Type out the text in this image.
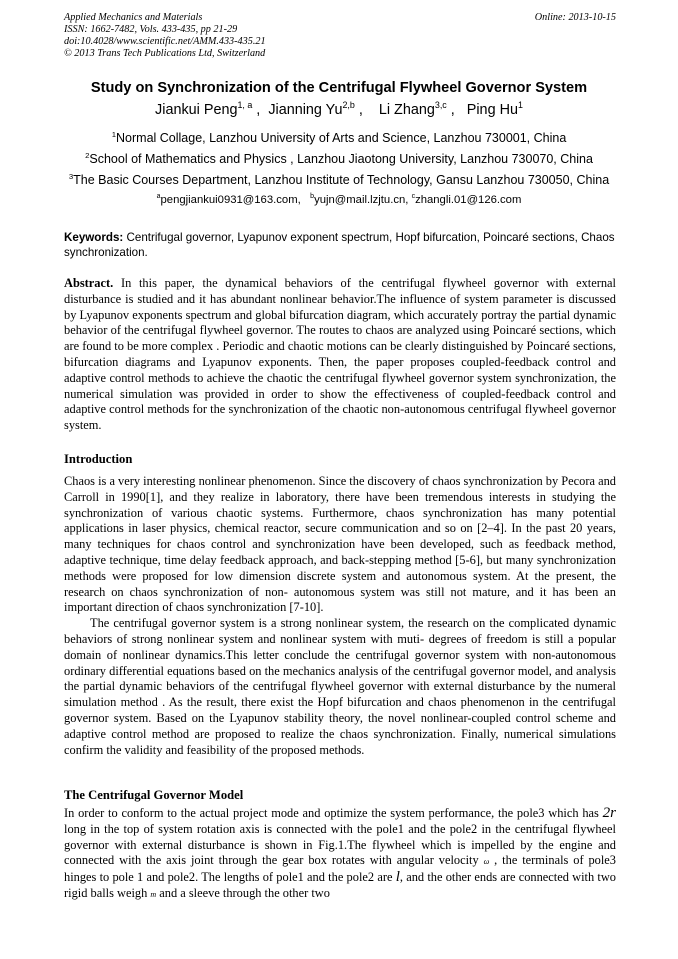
Applied Mechanics and Materials
ISSN: 1662-7482, Vols. 433-435, pp 21-29
doi:10.4028/www.scientific.net/AMM.433-435.21
© 2013 Trans Tech Publications Ltd, Switzerland
Online: 2013-10-15
Study on Synchronization of the Centrifugal Flywheel Governor System
Jiankui Peng$^{1, a}$ ,  Jianning Yu$^{2,b}$ ,    Li Zhang$^{3,c}$ ,   Ping Hu$^1$
$^1$Normal Collage, Lanzhou University of Arts and Science, Lanzhou 730001, China
$^2$School of Mathematics and Physics , Lanzhou Jiaotong University, Lanzhou 730070, China
$^3$The Basic Courses Department, Lanzhou Institute of Technology, Gansu Lanzhou 730050, China
$^a$pengjiankui0931@163.com, $^b$yujn@mail.lzjtu.cn, $^c$zhangli.01@126.com
Keywords: Centrifugal governor, Lyapunov exponent spectrum, Hopf bifurcation, Poincaré sections, Chaos synchronization.

Abstract. In this paper, the dynamical behaviors of the centrifugal flywheel governor with external disturbance is studied and it has abundant nonlinear behavior.The influence of system parameter is discussed by Lyapunov exponents spectrum and global bifurcation diagram, which accurately portray the partial dynamic behavior of the centrifugal flywheel governor. The routes to chaos are analyzed using Poincaré sections, which are found to be more complex . Periodic and chaotic motions can be clearly distinguished by Poincaré sections, bifurcation diagrams and Lyapunov exponents. Then, the paper proposes coupled-feedback control and adaptive control methods to achieve the chaotic the centrifugal flywheel governor system synchronization, the numerical simulation was provided in order to show the effectiveness of coupled-feedback control and adaptive control methods for the synchronization of the chaotic non-autonomous centrifugal flywheel governor system.

Introduction

Chaos is a very interesting nonlinear phenomenon. Since the discovery of chaos synchronization by Pecora and Carroll in 1990[1], and they realize in laboratory, there have been tremendous interests in studying the synchronization of various chaotic systems. Furthermore, chaos synchronization has many potential applications in laser physics, chemical reactor, secure communication and so on [2–4]. In the past 20 years, many techniques for chaos control and synchronization have been developed, such as feedback method, adaptive technique, time delay feedback approach, and back-stepping method [5-6], but many synchronization methods were proposed for low dimension discrete system and autonomous system. At the present, the research on chaos synchronization of non- autonomous system was still not mature, and it has been an important direction of chaos synchronization [7-10].

The centrifugal governor system is a strong nonlinear system, the research on the complicated dynamic behaviors of strong nonlinear system and nonlinear system with muti- degrees of freedom is still a popular domain of nonlinear dynamics.This letter conclude the centrifugal governor system with non-autonomous ordinary differential equations based on the mechanics analysis of the centrifugal governor model, and analysis the partial dynamic behaviors of the centrifugal flywheel governor with external disturbance by the numeral simulation method . As the result, there exist the Hopf bifurcation and chaos phenomenon in the centrifugal governor system. Based on the Lyapunov stability theory, the novel nonlinear-coupled control scheme and adaptive control method are proposed to realize the chaos synchronization. Finally, numerical simulations confirm the validity and feasibility of the proposed methods.

The Centrifugal Governor Model

In order to conform to the actual project mode and optimize the system performance, the pole3 which has 2r long in the top of system rotation axis is connected with the pole1 and the pole2 in the centrifugal flywheel governor with external disturbance is shown in Fig.1.The flywheel which is impelled by the engine and connected with the axis joint through the gear box rotates with angular velocity ω , the terminals of pole3 hinges to pole 1 and pole2. The lengths of pole1 and the pole2 are l, and the other ends are connected with two rigid balls weigh m and a sleeve through the other two
